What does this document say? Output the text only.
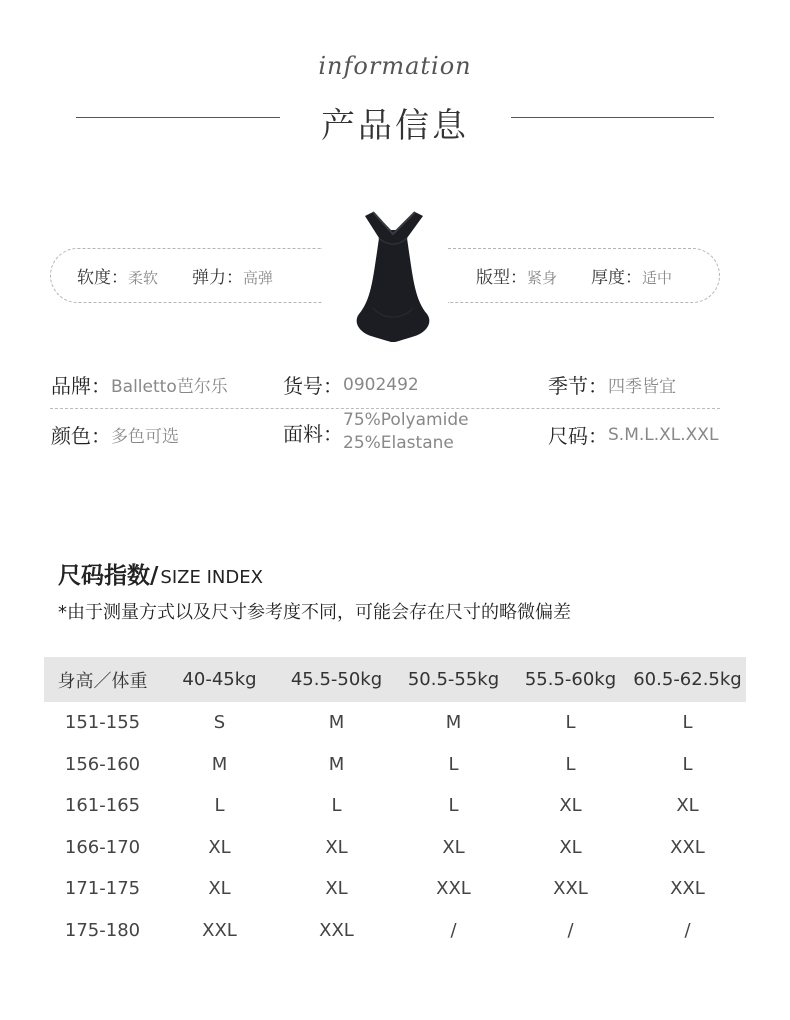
information
产品信息
软度： 柔软 弹力： 高弹	版型： 紧身 厚度： 适中
品牌： Balletto芭尔乐	货号： 0902492	季节： 四季皆宜
颜色： 多色可选	面料：
75%Polyamide
25%Elastane	尺码： S.M.L.XL.XXL
尺码指数/ SIZE INDEX
*由于测量方式以及尺寸参考度不同，可能会存在尺寸的略微偏差
身高／体重	40-45kg	45.5-50kg	50.5-55kg	55.5-60kg 60.5-62.5kg
151-155	S	M	M	L	L
156-160	M	M	L	L	L
161-165	L	L	L	XL	XL
166-170	XL	XL	XL	XL	XXL
171-175	XL	XL	XXL	XXL	XXL
175-180	XXL	XXL	/	/	/
